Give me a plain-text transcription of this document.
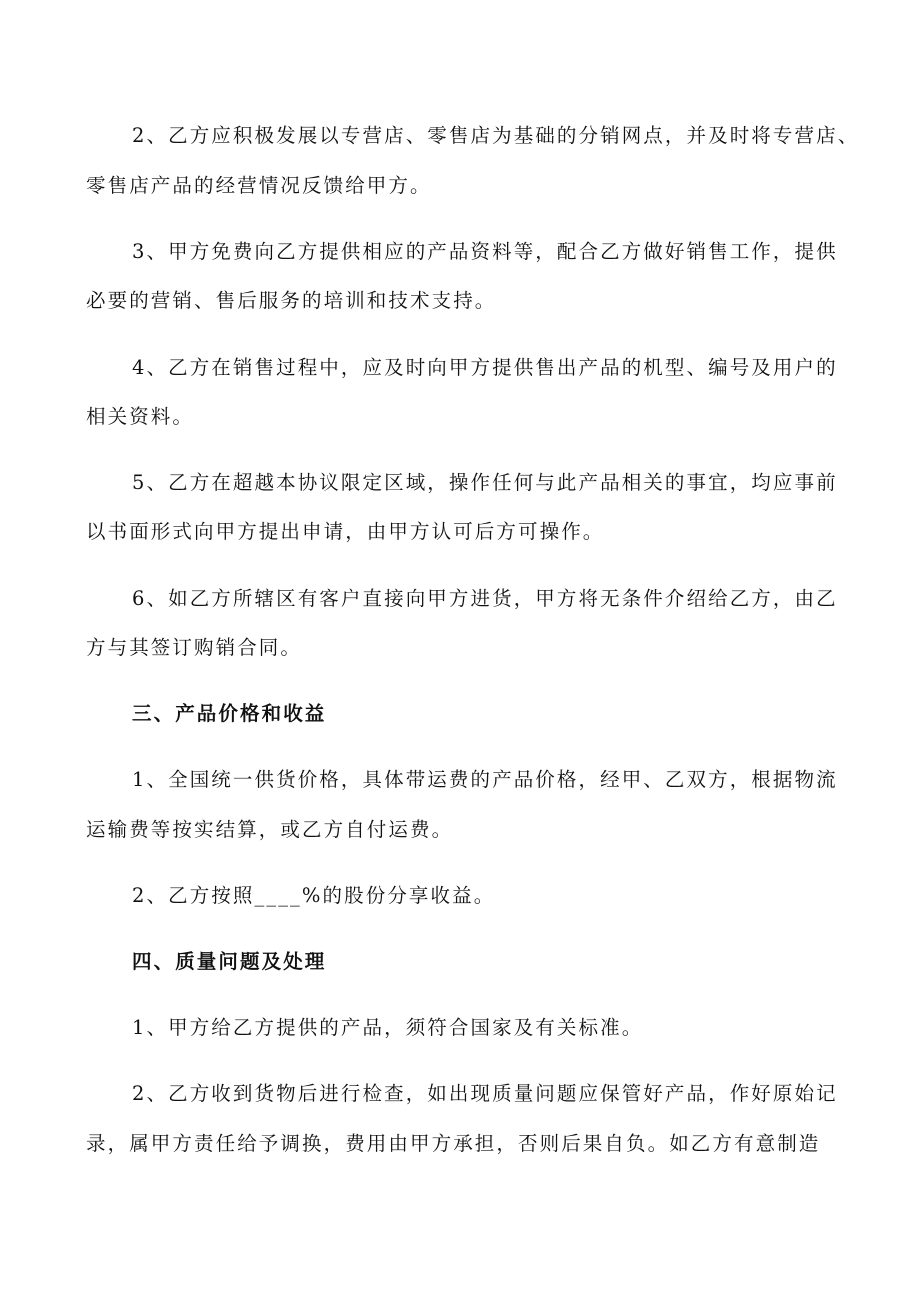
2、乙方应积极发展以专营店、零售店为基础的分销网点，并及时将专营店、
零售店产品的经营情况反馈给甲方。
3、甲方免费向乙方提供相应的产品资料等，配合乙方做好销售工作，提供
必要的营销、售后服务的培训和技术支持。
4、乙方在销售过程中，应及时向甲方提供售出产品的机型、编号及用户的
相关资料。
5、乙方在超越本协议限定区域，操作任何与此产品相关的事宜，均应事前
以书面形式向甲方提出申请，由甲方认可后方可操作。
6、如乙方所辖区有客户直接向甲方进货，甲方将无条件介绍给乙方，由乙
方与其签订购销合同。
三、产品价格和收益
1、全国统一供货价格，具体带运费的产品价格，经甲、乙双方，根据物流
运输费等按实结算，或乙方自付运费。
2、乙方按照____%的股份分享收益。
四、质量问题及处理
1、甲方给乙方提供的产品，须符合国家及有关标准。
2、乙方收到货物后进行检查，如出现质量问题应保管好产品，作好原始记
录，属甲方责任给予调换，费用由甲方承担，否则后果自负。如乙方有意制造
